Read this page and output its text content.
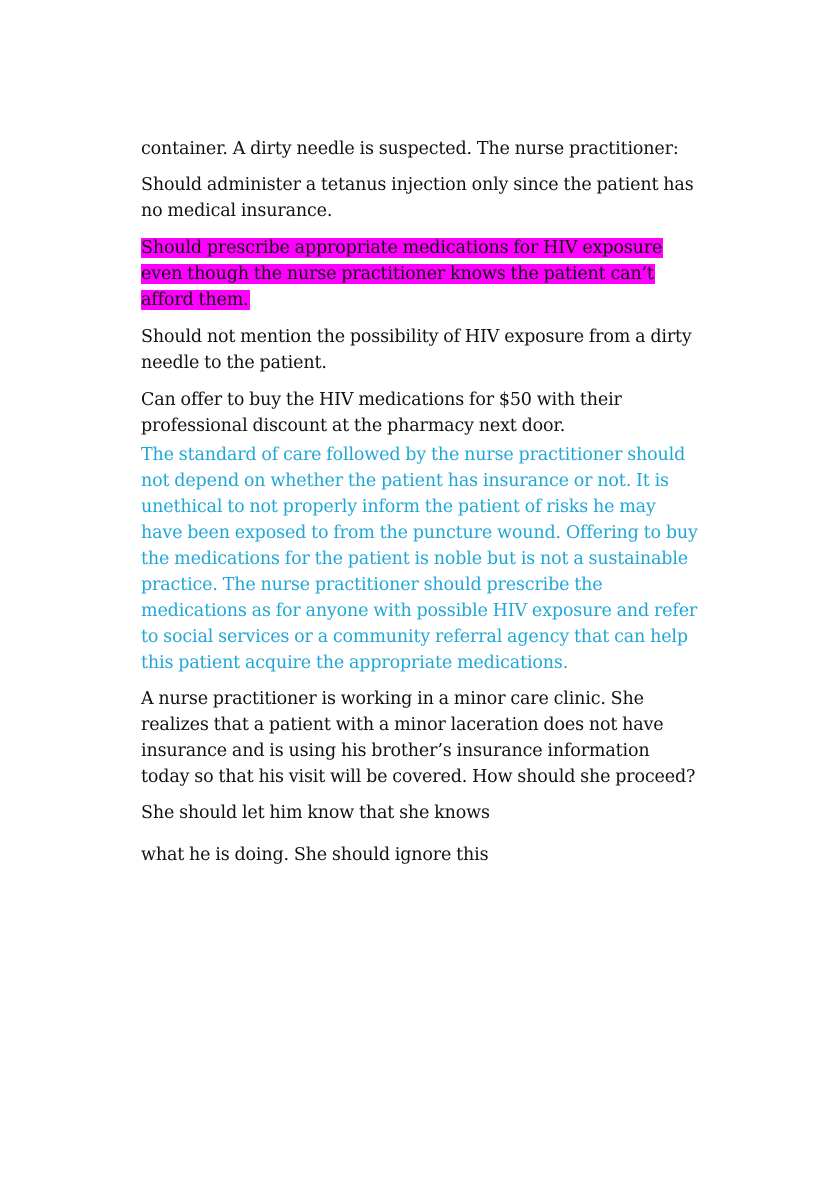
container. A dirty needle is suspected. The nurse practitioner:

Should administer a tetanus injection only since the patient has no medical insurance.

Should prescribe appropriate medications for HIV exposure even though the nurse practitioner knows the patient can’t afford them.

Should not mention the possibility of HIV exposure from a dirty needle to the patient.

Can offer to buy the HIV medications for $50 with their professional discount at the pharmacy next door.

The standard of care followed by the nurse practitioner should not depend on whether the patient has insurance or not. It is unethical to not properly inform the patient of risks he may have been exposed to from the puncture wound. Offering to buy the medications for the patient is noble but is not a sustainable practice. The nurse practitioner should prescribe the medications as for anyone with possible HIV exposure and refer to social services or a community referral agency that can help this patient acquire the appropriate medications.

A nurse practitioner is working in a minor care clinic. She realizes that a patient with a minor laceration does not have insurance and is using his brother’s insurance information today so that his visit will be covered. How should she proceed?

She should let him know that she knows

what he is doing. She should ignore this
